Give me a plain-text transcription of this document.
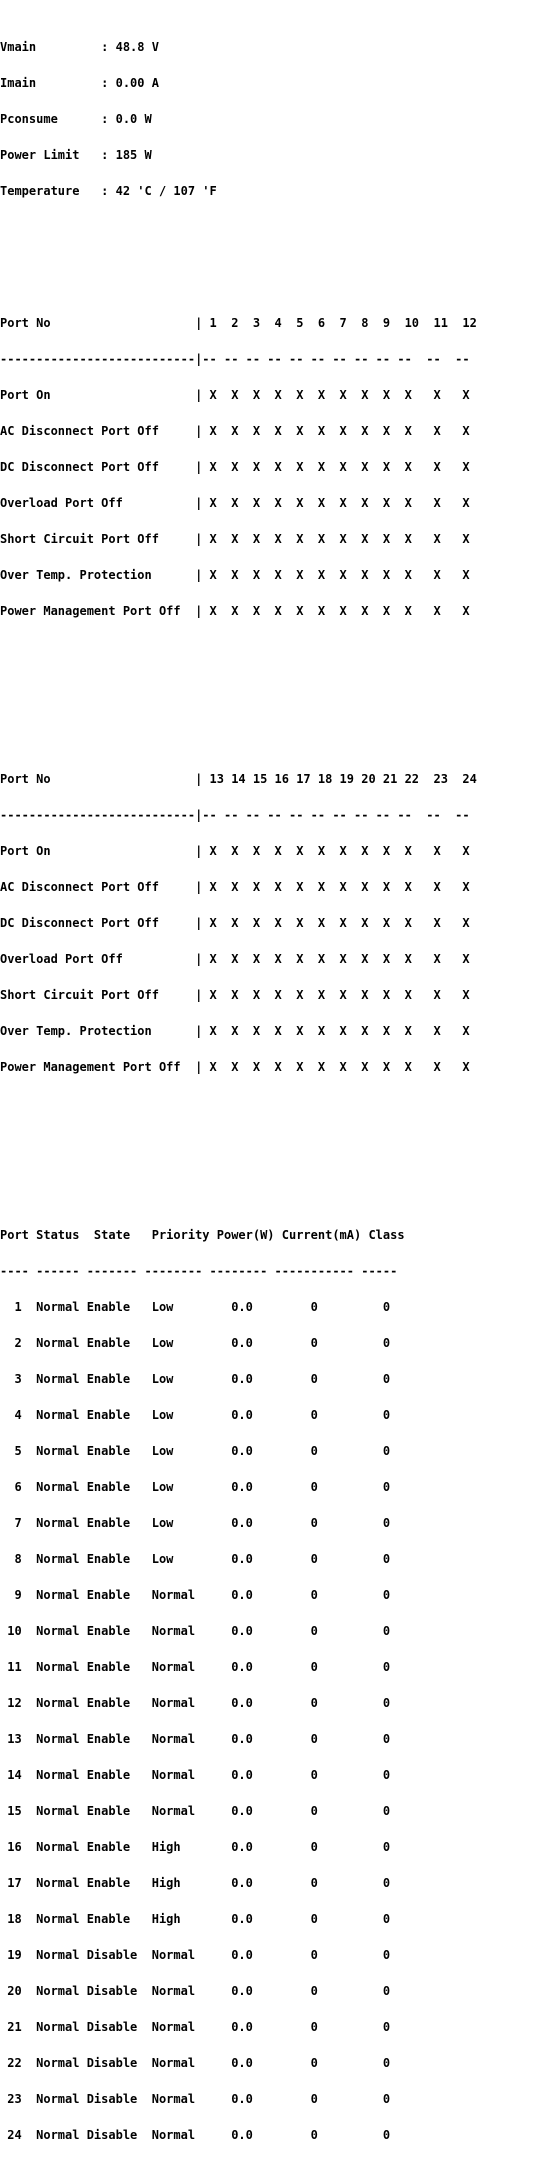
Vmain         : 48.8 V

Imain         : 0.00 A

Pconsume      : 0.0 W

Power Limit   : 185 W

Temperature   : 42 'C / 107 'F

Port No                    | 1  2  3  4  5  6  7  8  9  10  11  12

---------------------------|-- -- -- -- -- -- -- -- -- --  --  --

Port On                    | X  X  X  X  X  X  X  X  X  X   X   X

AC Disconnect Port Off     | X  X  X  X  X  X  X  X  X  X   X   X

DC Disconnect Port Off     | X  X  X  X  X  X  X  X  X  X   X   X

Overload Port Off          | X  X  X  X  X  X  X  X  X  X   X   X

Short Circuit Port Off     | X  X  X  X  X  X  X  X  X  X   X   X

Over Temp. Protection      | X  X  X  X  X  X  X  X  X  X   X   X

Power Management Port Off  | X  X  X  X  X  X  X  X  X  X   X   X

Port No                    | 13 14 15 16 17 18 19 20 21 22  23  24

---------------------------|-- -- -- -- -- -- -- -- -- --  --  --

Port On                    | X  X  X  X  X  X  X  X  X  X   X   X

AC Disconnect Port Off     | X  X  X  X  X  X  X  X  X  X   X   X

DC Disconnect Port Off     | X  X  X  X  X  X  X  X  X  X   X   X

Overload Port Off          | X  X  X  X  X  X  X  X  X  X   X   X

Short Circuit Port Off     | X  X  X  X  X  X  X  X  X  X   X   X

Over Temp. Protection      | X  X  X  X  X  X  X  X  X  X   X   X

Power Management Port Off  | X  X  X  X  X  X  X  X  X  X   X   X

Port Status  State   Priority Power(W) Current(mA) Class

---- ------ ------- -------- -------- ----------- -----

1  Normal Enable   Low        0.0        0         0

2  Normal Enable   Low        0.0        0         0

3  Normal Enable   Low        0.0        0         0

4  Normal Enable   Low        0.0        0         0

5  Normal Enable   Low        0.0        0         0

6  Normal Enable   Low        0.0        0         0

7  Normal Enable   Low        0.0        0         0

8  Normal Enable   Low        0.0        0         0

9  Normal Enable   Normal     0.0        0         0

10  Normal Enable   Normal     0.0        0         0

11  Normal Enable   Normal     0.0        0         0

12  Normal Enable   Normal     0.0        0         0

13  Normal Enable   Normal     0.0        0         0

14  Normal Enable   Normal     0.0        0         0

15  Normal Enable   Normal     0.0        0         0

16  Normal Enable   High       0.0        0         0

17  Normal Enable   High       0.0        0         0

18  Normal Enable   High       0.0        0         0

19  Normal Disable  Normal     0.0        0         0

20  Normal Disable  Normal     0.0        0         0

21  Normal Disable  Normal     0.0        0         0

22  Normal Disable  Normal     0.0        0         0

23  Normal Disable  Normal     0.0        0         0

24  Normal Disable  Normal     0.0        0         0
